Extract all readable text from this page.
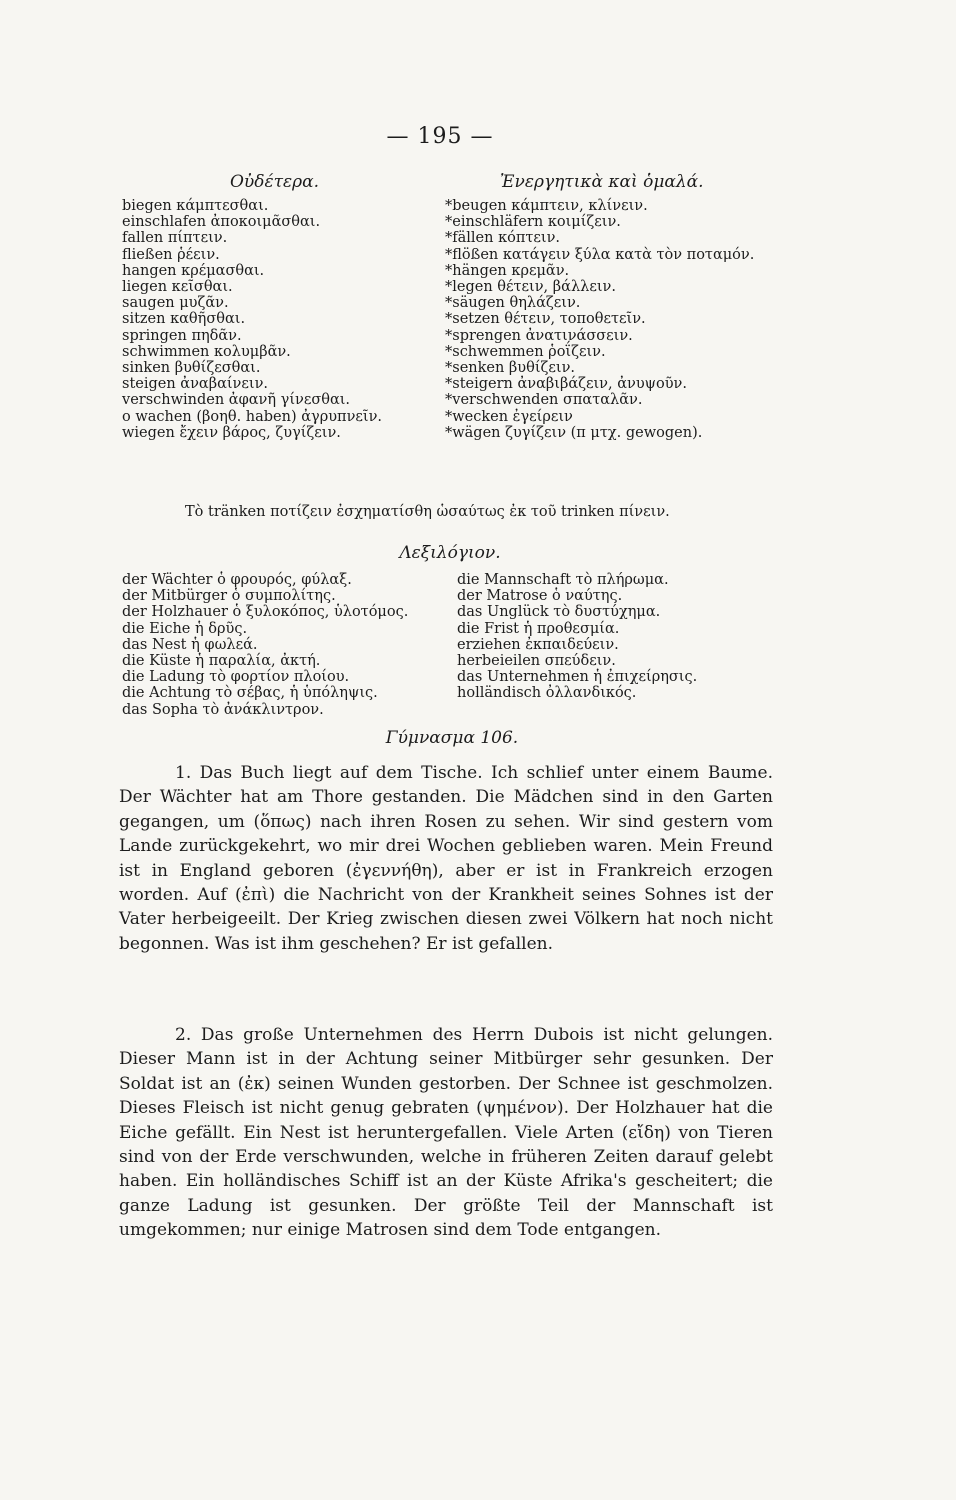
— 195 —
Οὐδέτερα.	Ἐνεργητικὰ καὶ ὁμαλά.
biegen κάμπτεσθαι.
einschlafen ἀποκοιμᾶσθαι.
fallen πίπτειν.
fließen ῥέειν.
hangen κρέμασθαι.
liegen κεῖσθαι.
saugen μυζᾶν.
sitzen καθῆσθαι.
springen πηδᾶν.
schwimmen κολυμβᾶν.
sinken βυθίζεσθαι.
steigen ἀναβαίνειν.
verschwinden ἀφανῆ γίνεσθαι.
o wachen (βοηθ. haben) ἀγρυπνεῖν.
wiegen ἔχειν βάρος, ζυγίζειν.
*beugen κάμπτειν, κλίνειν.
*einschläfern κοιμίζειν.
*fällen κόπτειν.
*flößen κατάγειν ξύλα κατὰ τὸν ποταμόν.
*hängen κρεμᾶν.
*legen θέτειν, βάλλειν.
*säugen θηλάζειν.
*setzen θέτειν, τοποθετεῖν.
*sprengen ἀνατινάσσειν.
*schwemmen ῥοΐζειν.
*senken βυθίζειν.
*steigern ἀναβιβάζειν, ἀνυψοῦν.
*verschwenden σπαταλᾶν.
*wecken ἐγείρειν
*wägen ζυγίζειν (π μτχ. gewogen).
Τὸ tränken ποτίζειν ἐσχηματίσθη ὡσαύτως ἐκ τοῦ trinken πίνειν.
Λεξιλόγιον.
der Wächter ὁ φρουρός, φύλαξ.
der Mitbürger ὁ συμπολίτης.
der Holzhauer ὁ ξυλοκόπος, ὑλοτόμος.
die Eiche ἡ δρῦς.
das Nest ἡ φωλεά.
die Küste ἡ παραλία, ἀκτή.
die Ladung τὸ φορτίον πλοίου.
die Achtung τὸ σέβας, ἡ ὑπόληψις.
das Sopha τὸ ἀνάκλιντρον.
die Mannschaft τὸ πλήρωμα.
der Matrose ὁ ναύτης.
das Unglück τὸ δυστύχημα.
die Frist ἡ προθεσμία.
erziehen ἐκπαιδεύειν.
herbeieilen σπεύδειν.
das Unternehmen ἡ ἐπιχείρησις.
holländisch ὀλλανδικός.
Γύμνασμα 106.

1. Das Buch liegt auf dem Tische. Ich schlief unter einem Baume. Der Wächter hat am Thore gestanden. Die Mädchen sind in den Garten gegangen, um (ὅπως) nach ihren Rosen zu sehen. Wir sind gestern vom Lande zurückgekehrt, wo mir drei Wochen geblieben waren. Mein Freund ist in England geboren (ἐγεννήθη), aber er ist in Frankreich erzogen worden. Auf (ἐπὶ) die Nachricht von der Krankheit seines Sohnes ist der Vater herbeigeeilt. Der Krieg zwischen diesen zwei Völkern hat noch nicht begonnen. Was ist ihm geschehen? Er ist gefallen.

2. Das große Unternehmen des Herrn Dubois ist nicht gelungen. Dieser Mann ist in der Achtung seiner Mitbürger sehr gesunken. Der Soldat ist an (ἐκ) seinen Wunden gestorben. Der Schnee ist geschmolzen. Dieses Fleisch ist nicht genug gebraten (ψημένον). Der Holzhauer hat die Eiche gefällt. Ein Nest ist heruntergefallen. Viele Arten (εἴδη) von Tieren sind von der Erde verschwunden, welche in früheren Zeiten darauf gelebt haben. Ein holländisches Schiff ist an der Küste Afrika's gescheitert; die ganze Ladung ist gesunken. Der größte Teil der Mannschaft ist umgekommen; nur einige Matrosen sind dem Tode entgangen.
